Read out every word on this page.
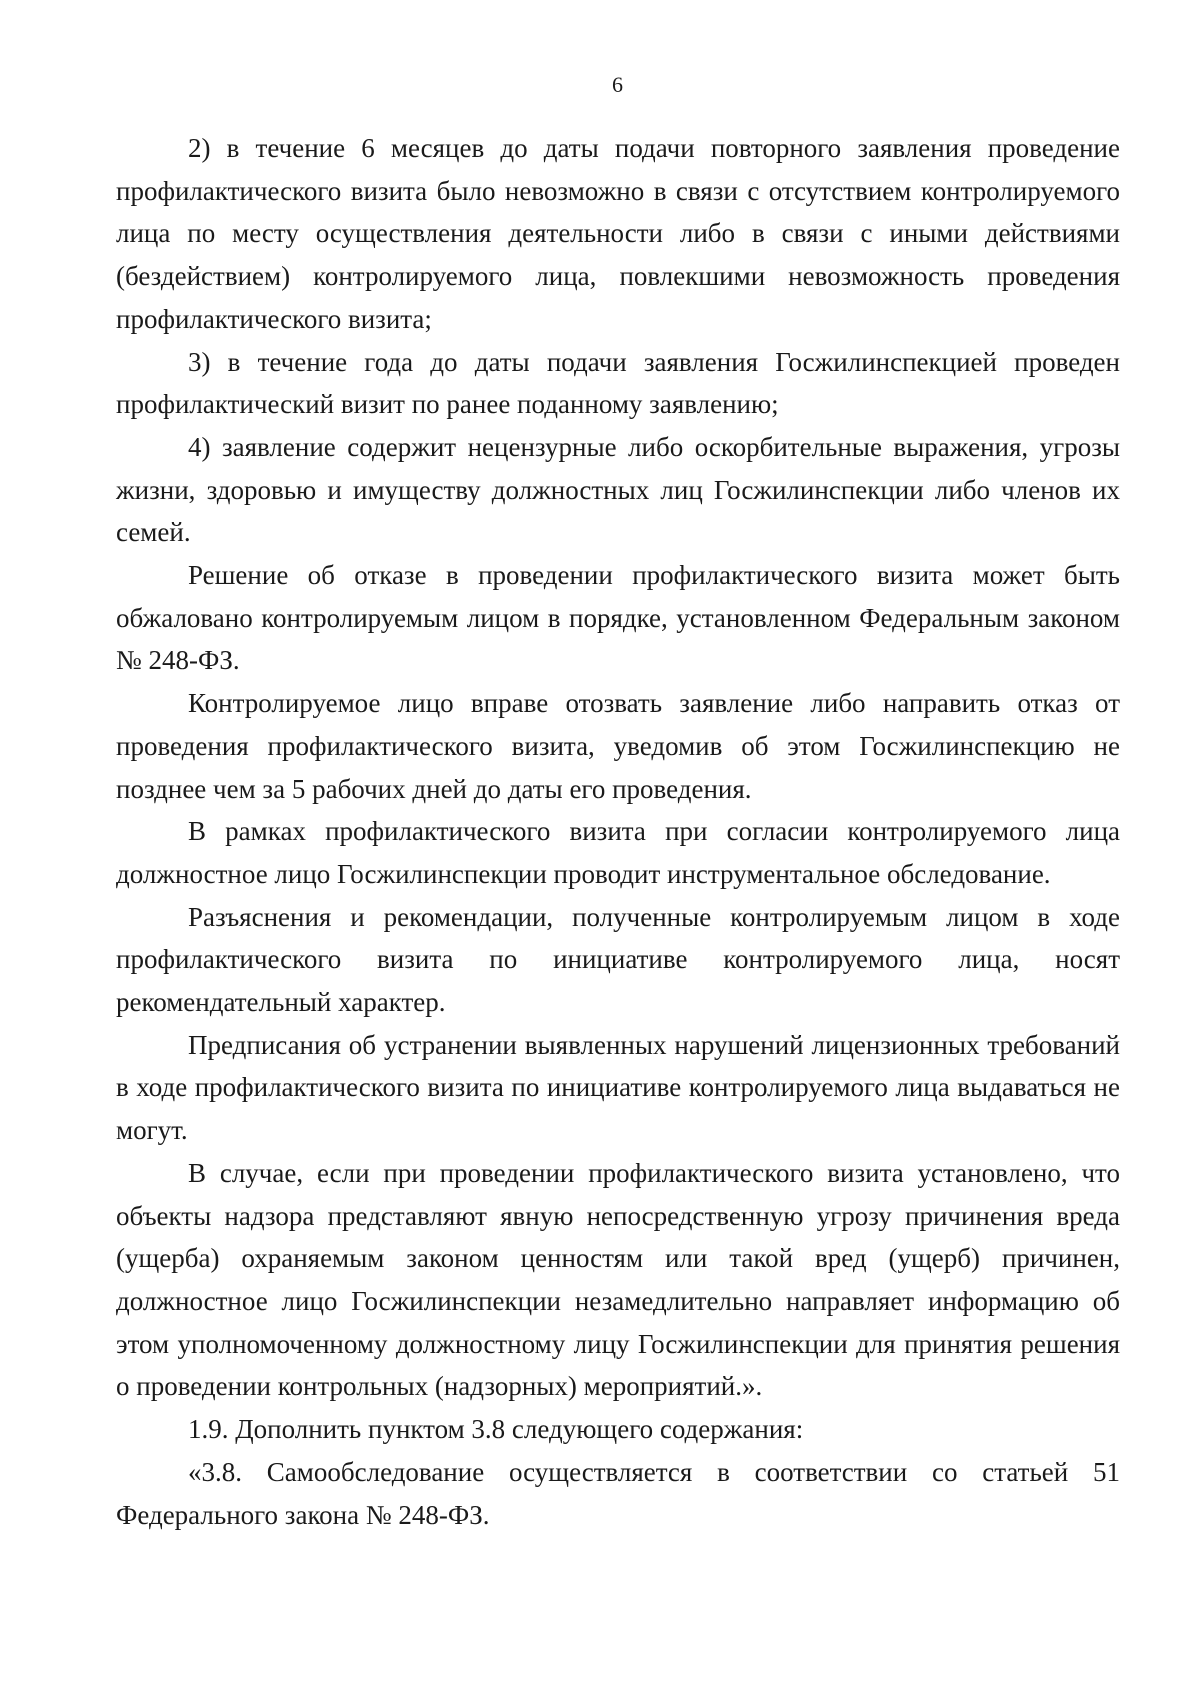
6

2) в течение 6 месяцев до даты подачи повторного заявления проведение профилактического визита было невозможно в связи с отсутствием контролируемого лица по месту осуществления деятельности либо в связи с иными действиями (бездействием) контролируемого лица, повлекшими невозможность проведения профилактического визита;

3) в течение года до даты подачи заявления Госжилинспекцией проведен профилактический визит по ранее поданному заявлению;

4) заявление содержит нецензурные либо оскорбительные выражения, угрозы жизни, здоровью и имуществу должностных лиц Госжилинспекции либо членов их семей.

Решение об отказе в проведении профилактического визита может быть обжаловано контролируемым лицом в порядке, установленном Федеральным законом № 248-ФЗ.

Контролируемое лицо вправе отозвать заявление либо направить отказ от проведения профилактического визита, уведомив об этом Госжилинспекцию не позднее чем за 5 рабочих дней до даты его проведения.

В рамках профилактического визита при согласии контролируемого лица должностное лицо Госжилинспекции проводит инструментальное обследование.

Разъяснения и рекомендации, полученные контролируемым лицом в ходе профилактического визита по инициативе контролируемого лица, носят рекомендательный характер.

Предписания об устранении выявленных нарушений лицензионных требований в ходе профилактического визита по инициативе контролируемого лица выдаваться не могут.

В случае, если при проведении профилактического визита установлено, что объекты надзора представляют явную непосредственную угрозу причинения вреда (ущерба) охраняемым законом ценностям или такой вред (ущерб) причинен, должностное лицо Госжилинспекции незамедлительно направляет информацию об этом уполномоченному должностному лицу Госжилинспекции для принятия решения о проведении контрольных (надзорных) мероприятий.».

1.9. Дополнить пунктом 3.8 следующего содержания:

«3.8. Самообследование осуществляется в соответствии со статьей 51 Федерального закона № 248-ФЗ.
